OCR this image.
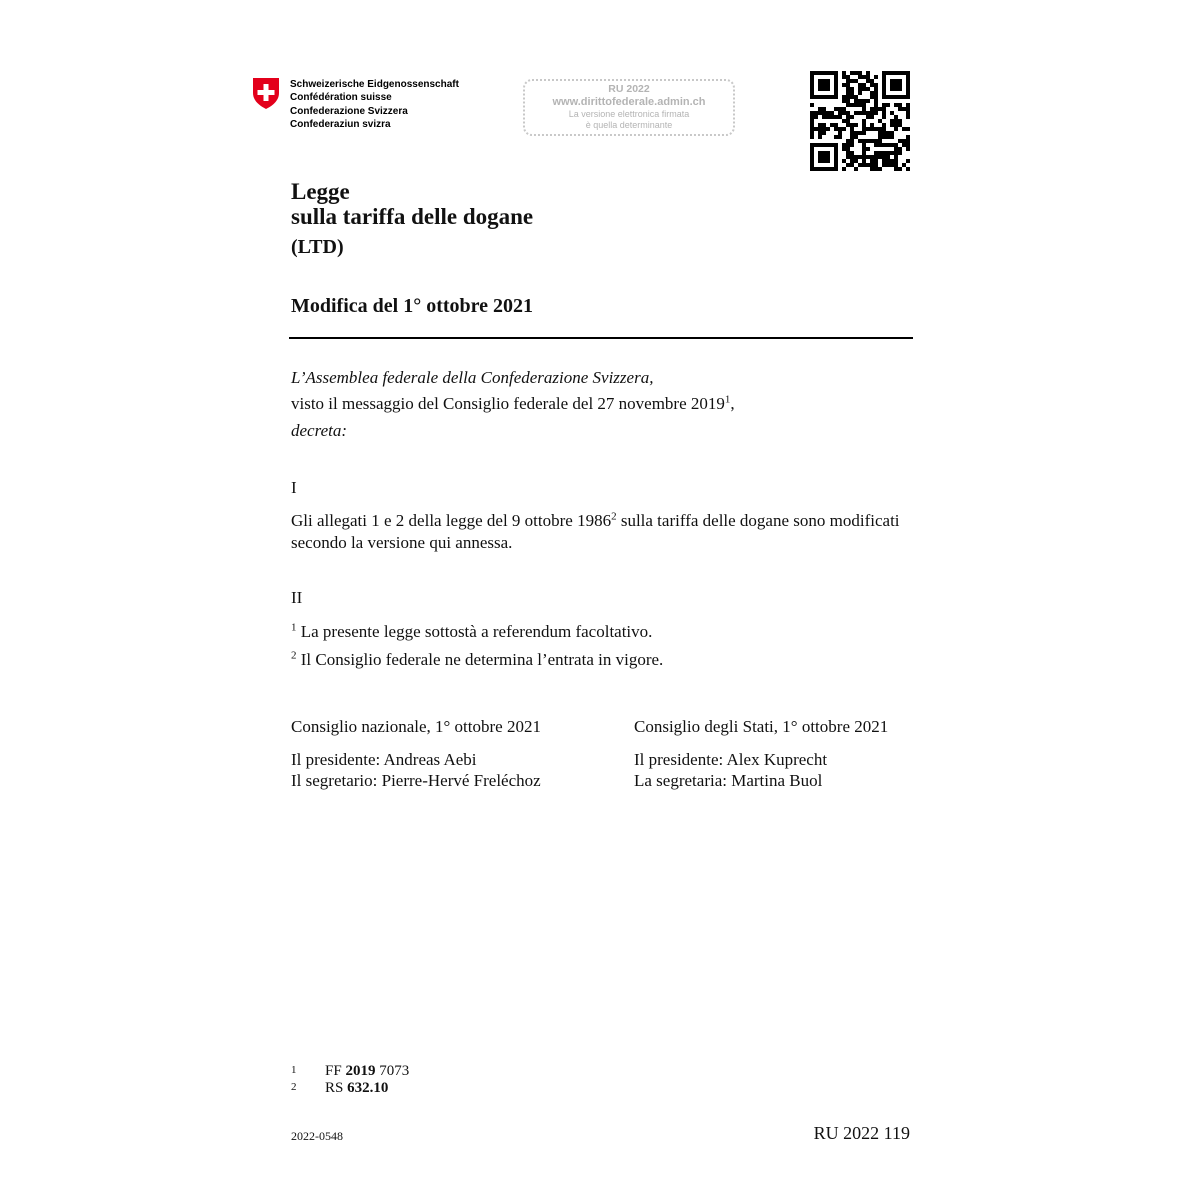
Schweizerische Eidgenossenschaft
Confédération suisse
Confederazione Svizzera
Confederaziun svizra
RU 2022
www.dirittofederale.admin.ch
La versione elettronica firmata
è quella determinante
Legge
sulla tariffa delle dogane
(LTD)
Modifica del 1° ottobre 2021
L’Assemblea federale della Confederazione Svizzera,
visto il messaggio del Consiglio federale del 27 novembre 2019$^1$,
decreta:
I
Gli allegati 1 e 2 della legge del 9 ottobre 1986$^2$ sulla tariffa delle dogane sono modificati secondo la versione qui annessa.
II
$^1$ La presente legge sottostà a referendum facoltativo.
$^2$ Il Consiglio federale ne determina l’entrata in vigore.
Consiglio nazionale, 1° ottobre 2021
Il presidente: Andreas Aebi
Il segretario: Pierre-Hervé Freléchoz
Consiglio degli Stati, 1° ottobre 2021
Il presidente: Alex Kuprecht
La segretaria: Martina Buol
1	FF 2019 7073
2	RS 632.10
2022-0548	RU 2022 119
